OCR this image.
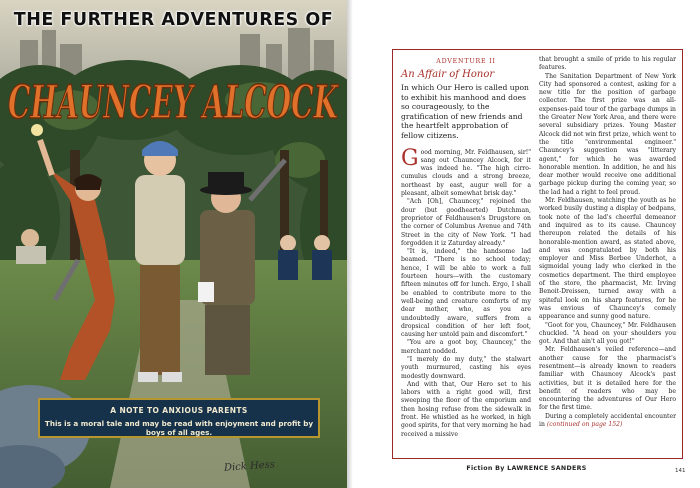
CHAUNCEY ALCOCK
THE FURTHER ADVENTURES OF
A NOTE TO ANXIOUS PARENTS
This is a moral tale and may be read with enjoyment and profit by boys of all ages.
Dick Hess
ADVENTURE II
An Affair of Honor
In which Our Hero is called upon to exhibit his manhood and does so courageously, to the gratification of new friends and the heartfelt approbation of fellow citizens.

Good morning, Mr. Feldhausen, sir!" sang out Chauncey Alcock, for it was indeed he. "The high cirro-cumulus clouds and a strong breeze, northeast by east, augur well for a pleasant, albeit somewhat brisk day."

"Ach [Oh], Chauncey," rejoined the dour (but goodhearted) Dutchman, proprietor of Feldhausen's Drugstore on the corner of Columbus Avenue and 74th Street in the city of New York. "I had forgodden it iz Zaturday already."

"It is, indeed," the handsome lad beamed. "There is no school today; hence, I will be able to work a full fourteen hours—with the customary fifteen minutes off for lunch. Ergo, I shall be enabled to contribute more to the well-being and creature comforts of my dear mother, who, as you are undoubtedly aware, suffers from a dropsical condition of her left foot, causing her untold pain and discomfort."

"You are a goot boy, Chauncey," the merchant nodded.

"I merely do my duty," the stalwart youth murmured, casting his eyes modestly downward.

And with that, Our Hero set to his labors with a right good will, first sweeping the floor of the emporium and then hosing refuse from the sidewalk in front. He whistled as he worked, in high good spirits, for that very morning he had received a missive

that brought a smile of pride to his regular features.

The Sanitation Department of New York City had sponsored a contest, asking for a new title for the position of garbage collector. The first prize was an all-expenses-paid tour of the garbage dumps in the Greater New York Area, and there were several subsidiary prizes. Young Master Alcock did not win first prize, which went to the title "environmental engineer." Chauncey's suggestion was "litterary agent," for which he was awarded honorable mention. In addition, he and his dear mother would receive one additional garbage pickup during the coming year, so the lad had a right to feel proud.

Mr. Feldhausen, watching the youth as he worked busily dusting a display of bedpans, took note of the lad's cheerful demeanor and inquired as to its cause. Chauncey thereupon related the details of his honorable-mention award, as stated above, and was congratulated by both his employer and Miss Berbee Underhot, a sigmoidal young lady who clerked in the cosmetics department. The third employee of the store, the pharmacist, Mr. Irving Benoit-Dreissen, turned away with a spiteful look on his sharp features, for he was envious of Chauncey's comely appearance and sunny good nature.

"Goot for you, Chauncey," Mr. Feldhausen chuckled. "A head on your shoulders you got. And that ain't all you got!"

Mr. Feldhausen's veiled reference—and another cause for the pharmacist's resentment—is already known to readers familiar with Chauncey Alcock's past activities, but it is detailed here for the benefit of readers who may be encountering the adventures of Our Hero for the first time.

During a completely accidental encounter in (continued on page 152)

Fiction By LAWRENCE SANDERS	141
